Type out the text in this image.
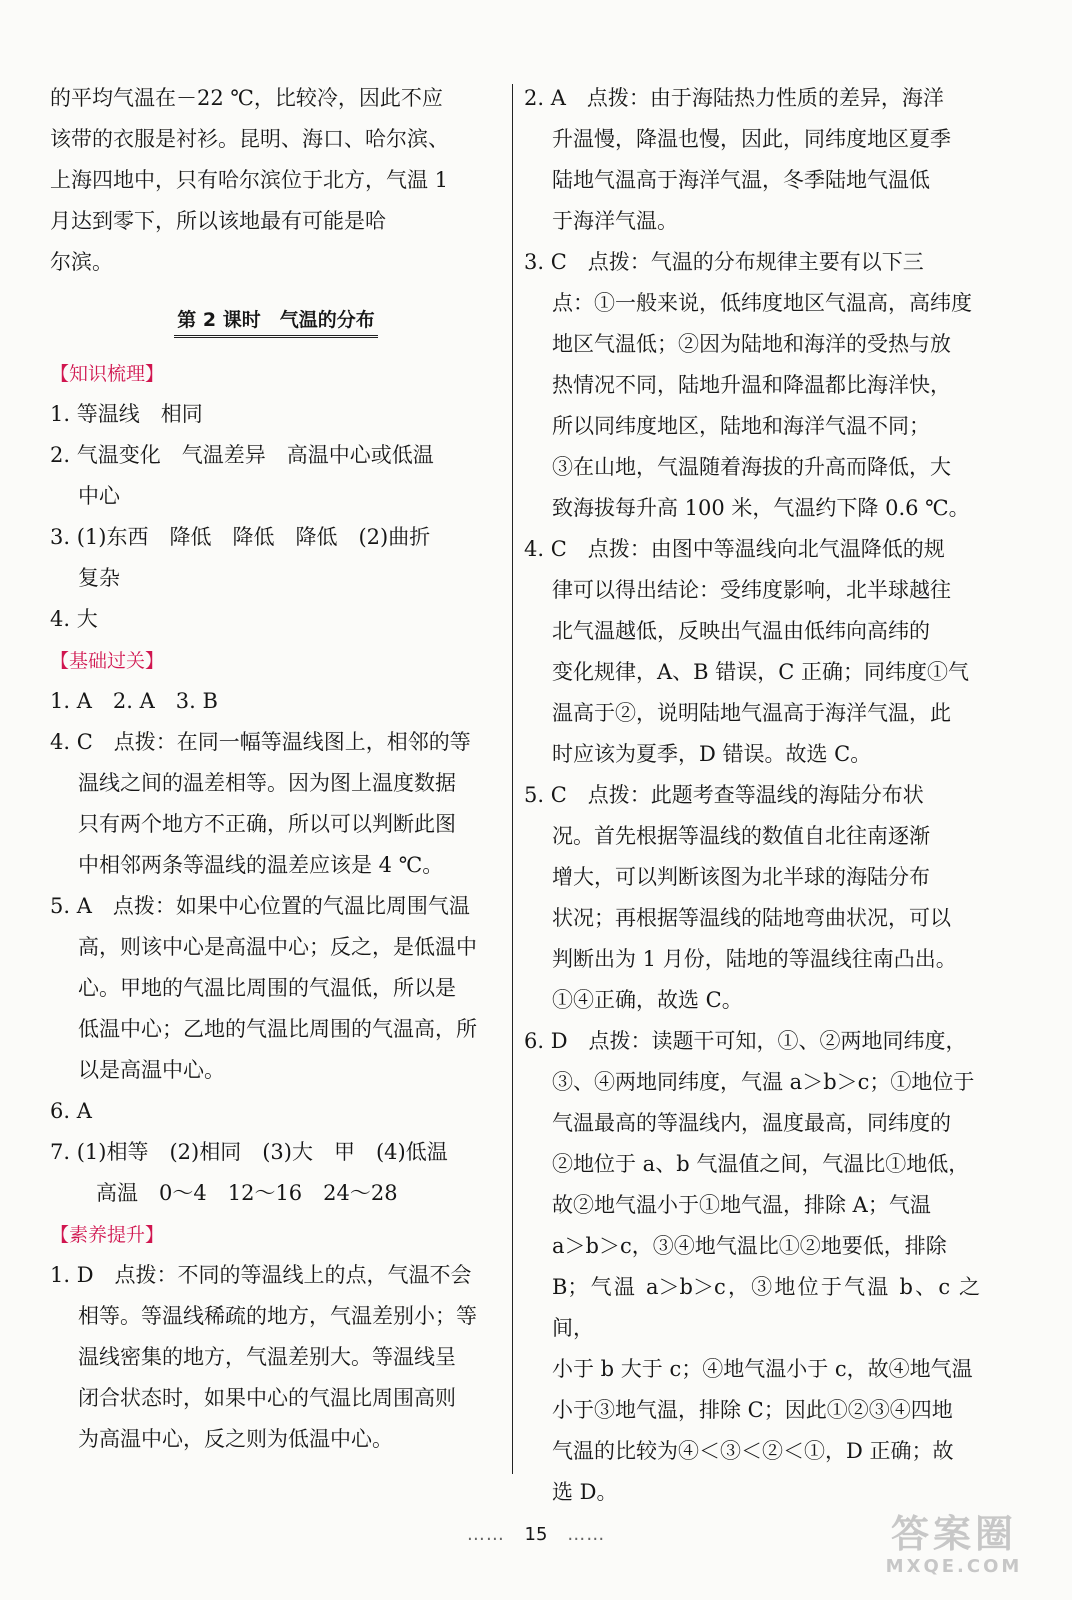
的平均气温在－22 ℃，比较冷，因此不应

该带的衣服是衬衫。昆明、海口、哈尔滨、

上海四地中，只有哈尔滨位于北方，气温 1

月达到零下，所以该地最有可能是哈

尔滨。

第 2 课时　气温的分布

【知识梳理】

1. 等温线　相同

2. 气温变化　气温差异　高温中心或低温

中心

3. (1)东西　降低　降低　降低　(2)曲折

复杂

4. 大

【基础过关】

1. A　2. A　3. B

4. C　点拨：在同一幅等温线图上，相邻的等

温线之间的温差相等。因为图上温度数据

只有两个地方不正确，所以可以判断此图

中相邻两条等温线的温差应该是 4 ℃。

5. A　点拨：如果中心位置的气温比周围气温

高，则该中心是高温中心；反之，是低温中

心。甲地的气温比周围的气温低，所以是

低温中心；乙地的气温比周围的气温高，所

以是高温中心。

6. A

7. (1)相等　(2)相同　(3)大　甲　(4)低温

高温　0～4　12～16　24～28

【素养提升】

1. D　点拨：不同的等温线上的点，气温不会

相等。等温线稀疏的地方，气温差别小；等

温线密集的地方，气温差别大。等温线呈

闭合状态时，如果中心的气温比周围高则

为高温中心，反之则为低温中心。

2. A　点拨：由于海陆热力性质的差异，海洋

升温慢，降温也慢，因此，同纬度地区夏季

陆地气温高于海洋气温，冬季陆地气温低

于海洋气温。

3. C　点拨：气温的分布规律主要有以下三

点：①一般来说，低纬度地区气温高，高纬度

地区气温低；②因为陆地和海洋的受热与放

热情况不同，陆地升温和降温都比海洋快，

所以同纬度地区，陆地和海洋气温不同；

③在山地，气温随着海拔的升高而降低，大

致海拔每升高 100 米，气温约下降 0.6 ℃。

4. C　点拨：由图中等温线向北气温降低的规

律可以得出结论：受纬度影响，北半球越往

北气温越低，反映出气温由低纬向高纬的

变化规律，A、B 错误，C 正确；同纬度①气

温高于②，说明陆地气温高于海洋气温，此

时应该为夏季，D 错误。故选 C。

5. C　点拨：此题考查等温线的海陆分布状

况。首先根据等温线的数值自北往南逐渐

增大，可以判断该图为北半球的海陆分布

状况；再根据等温线的陆地弯曲状况，可以

判断出为 1 月份，陆地的等温线往南凸出。

①④正确，故选 C。

6. D　点拨：读题干可知，①、②两地同纬度，

③、④两地同纬度，气温 a＞b＞c；①地位于

气温最高的等温线内，温度最高，同纬度的

②地位于 a、b 气温值之间，气温比①地低，

故②地气温小于①地气温，排除 A；气温

a＞b＞c，③④地气温比①②地要低，排除

B；气温 a＞b＞c，③地位于气温 b、c 之间，

小于 b 大于 c；④地气温小于 c，故④地气温

小于③地气温，排除 C；因此①②③④四地

气温的比较为④＜③＜②＜①，D 正确；故

选 D。

…… 15 ……	答案圈
MXQE.COM
